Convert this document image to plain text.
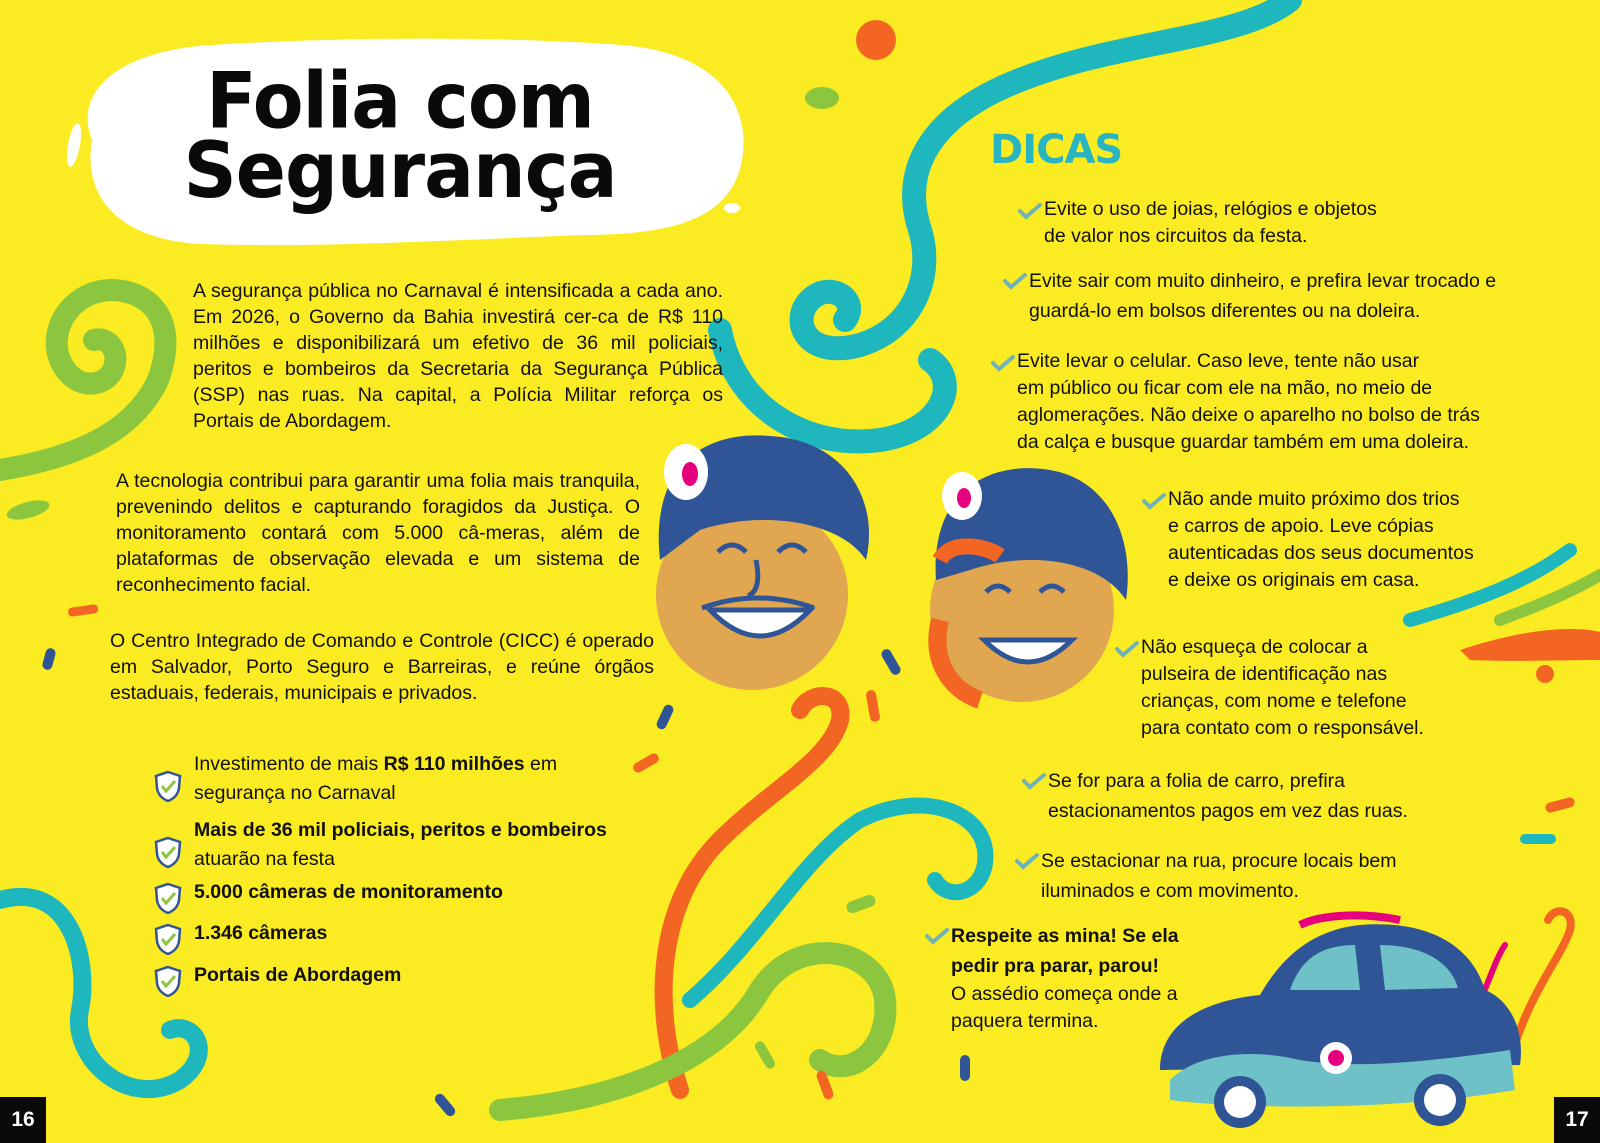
Folia com
Segurança

A segurança pública no Carnaval é intensificada a cada ano. Em 2026, o Governo da Bahia investirá cer-ca de R$ 110 milhões e disponibilizará um efetivo de 36 mil policiais, peritos e bombeiros da Secretaria da Segurança Pública (SSP) nas ruas. Na capital, a Polícia Militar reforça os Portais de Abordagem.

A tecnologia contribui para garantir uma folia mais tranquila, prevenindo delitos e capturando foragidos da Justiça. O monitoramento contará com 5.000 câ-meras, além de plataformas de observação elevada e um sistema de reconhecimento facial.

O Centro Integrado de Comando e Controle (CICC) é operado em Salvador, Porto Seguro e Barreiras, e reúne órgãos estaduais, federais, municipais e privados.

Investimento de mais R$ 110 milhões em segurança no Carnaval
Mais de 36 mil policiais, peritos e bombeiros atuarão na festa
5.000 câmeras de monitoramento
1.346 câmeras
Portais de Abordagem
DICAS
Evite o uso de joias, relógios e objetos
de valor nos circuitos da festa.
Evite sair com muito dinheiro, e prefira levar trocado e
guardá-lo em bolsos diferentes ou na doleira.
Evite levar o celular. Caso leve, tente não usar
em público ou ficar com ele na mão, no meio de
aglomerações. Não deixe o aparelho no bolso de trás
da calça e busque guardar também em uma doleira.
Não ande muito próximo dos trios
e carros de apoio. Leve cópias
autenticadas dos seus documentos
e deixe os originais em casa.
Não esqueça de colocar a
pulseira de identificação nas
crianças, com nome e telefone
para contato com o responsável.
Se for para a folia de carro, prefira
estacionamentos pagos em vez das ruas.
Se estacionar na rua, procure locais bem
iluminados e com movimento.
Respeite as mina! Se ela
pedir pra parar, parou!
O assédio começa onde a paquera termina.
16	17
